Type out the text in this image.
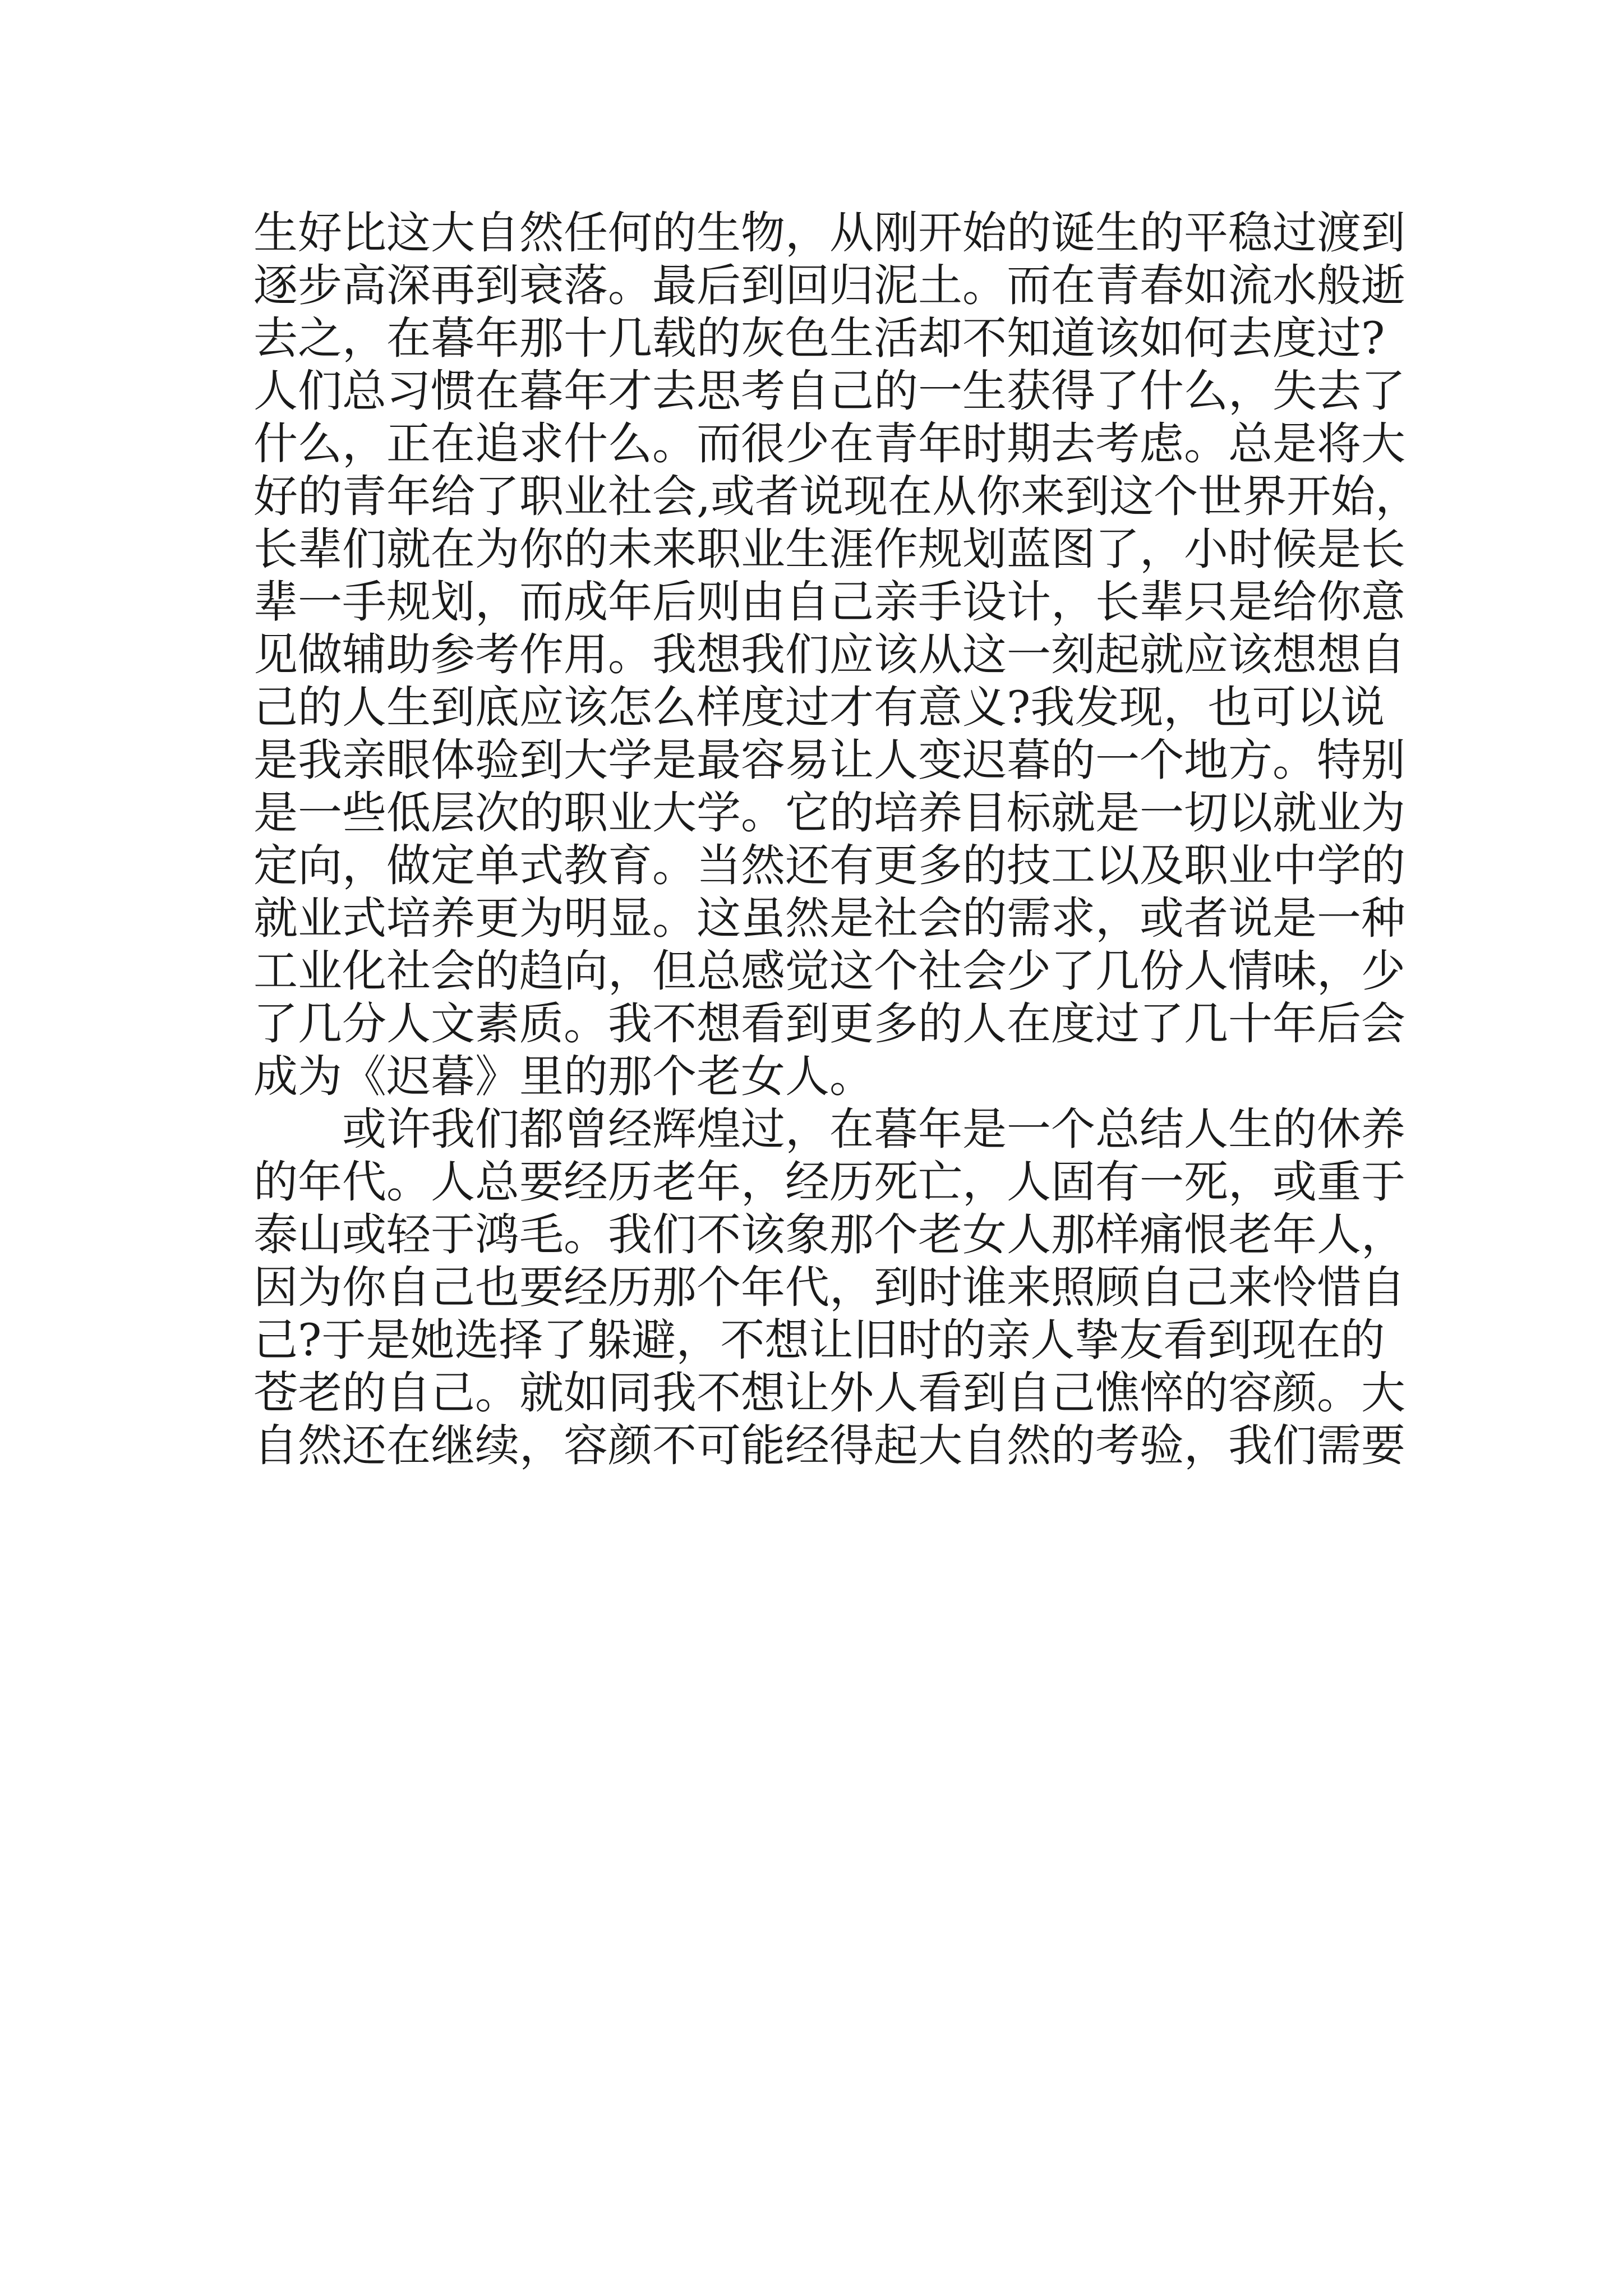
生好比这大自然任何的生物，从刚开始的诞生的平稳过渡到
逐步高深再到衰落。最后到回归泥土。而在青春如流水般逝
去之，在暮年那十几载的灰色生活却不知道该如何去度过?
人们总习惯在暮年才去思考自己的一生获得了什么，失去了
什么，正在追求什么。而很少在青年时期去考虑。总是将大
好的青年给了职业社会,或者说现在从你来到这个世界开始，
长辈们就在为你的未来职业生涯作规划蓝图了，小时候是长
辈一手规划，而成年后则由自己亲手设计，长辈只是给你意
见做辅助参考作用。我想我们应该从这一刻起就应该想想自
己的人生到底应该怎么样度过才有意义?我发现，也可以说
是我亲眼体验到大学是最容易让人变迟暮的一个地方。特别
是一些低层次的职业大学。它的培养目标就是一切以就业为
定向，做定单式教育。当然还有更多的技工以及职业中学的
就业式培养更为明显。这虽然是社会的需求，或者说是一种
工业化社会的趋向，但总感觉这个社会少了几份人情味，少
了几分人文素质。我不想看到更多的人在度过了几十年后会
成为《迟暮》里的那个老女人。
或许我们都曾经辉煌过，在暮年是一个总结人生的休养
的年代。人总要经历老年，经历死亡，人固有一死，或重于
泰山或轻于鸿毛。我们不该象那个老女人那样痛恨老年人，
因为你自己也要经历那个年代，到时谁来照顾自己来怜惜自
己?于是她选择了躲避，不想让旧时的亲人挚友看到现在的
苍老的自己。就如同我不想让外人看到自己憔悴的容颜。大
自然还在继续，容颜不可能经得起大自然的考验，我们需要
